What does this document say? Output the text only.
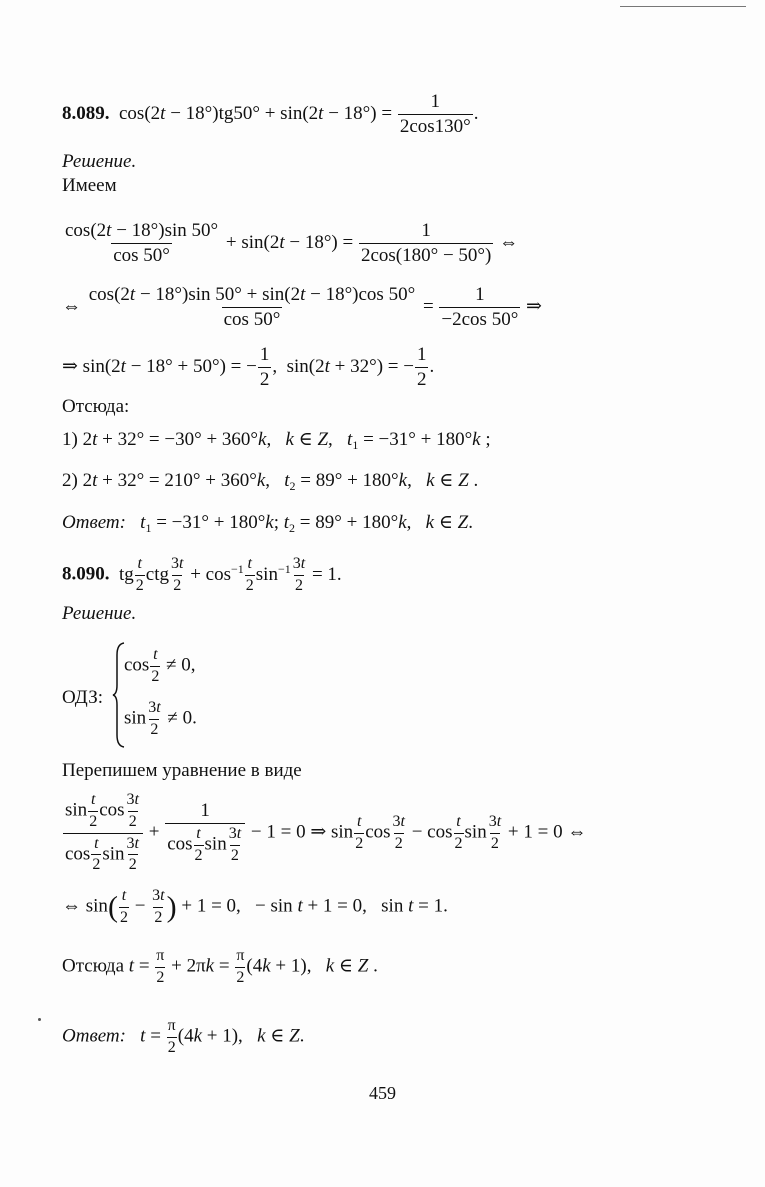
8.089.  $\cos(2t - 18^\circ)tg50^\circ + \sin(2t - 18^\circ) = \frac{1}{2\cos 130^\circ}$ .
Решение.
Имеем
$\frac{\cos(2t - 18^\circ)\sin 50^\circ}{\cos 50^\circ} + \sin(2t - 18^\circ) = \frac{1}{2\cos(180^\circ - 50^\circ)}$ ⇔
⇔ $\frac{\cos(2t - 18^\circ)\sin 50^\circ + \sin(2t - 18^\circ)\cos 50^\circ}{\cos 50^\circ} = \frac{1}{-2\cos 50^\circ}$ ⇒
⇒ sin(2t − 18° + 50°) = − $\frac{1}{2}$ ,  sin(2t + 32°) = − $\frac{1}{2}$ .
Отсюда:
1) 2t + 32° = −30° + 360°k,   k ∈ Z,   $t_1 = -31^\circ + 180^\circ k$ ;
2) 2t + 32° = 210° + 360°k,   $t_2 = 89^\circ + 180^\circ k$,   k ∈ Z .
Ответ: $t_1 = -31^\circ + 180^\circ k$; $t_2 = 89^\circ + 180^\circ k$,   k ∈ Z.
8.090.  tg $\frac{t}{2}$ ctg $\frac{3t}{2} + \cos^{-1} \frac{t}{2} \sin^{-1} \frac{3t}{2} = 1$.
Решение.
ОДЗ:
$\cos \frac{t}{2} \ne 0$,
$\sin \frac{3t}{2} \ne 0$.
Перепишем уравнение в виде
$\frac{\sin \frac{t}{2} \cos \frac{3t}{2}}{\cos \frac{t}{2} \sin \frac{3t}{2}} + \frac{1}{\cos \frac{t}{2} \sin \frac{3t}{2}} - 1 = 0$ ⇒ $\sin \frac{t}{2}$ $\cos \frac{3t}{2} - \cos \frac{t}{2}$ $\sin \frac{3t}{2} + 1 = 0$ ⇔
⇔ $\sin( \frac{t}{2} - \frac{3t}{2}$ ) + 1 = 0,   − sin t + 1 = 0,   sin t = 1.
Отсюда $t = \frac{\pi}{2} + 2\pi k = \frac{\pi}{2} (4k + 1)$,   k ∈ Z .
Ответ: $t = \frac{\pi}{2} (4k + 1)$,   k ∈ Z.
459
